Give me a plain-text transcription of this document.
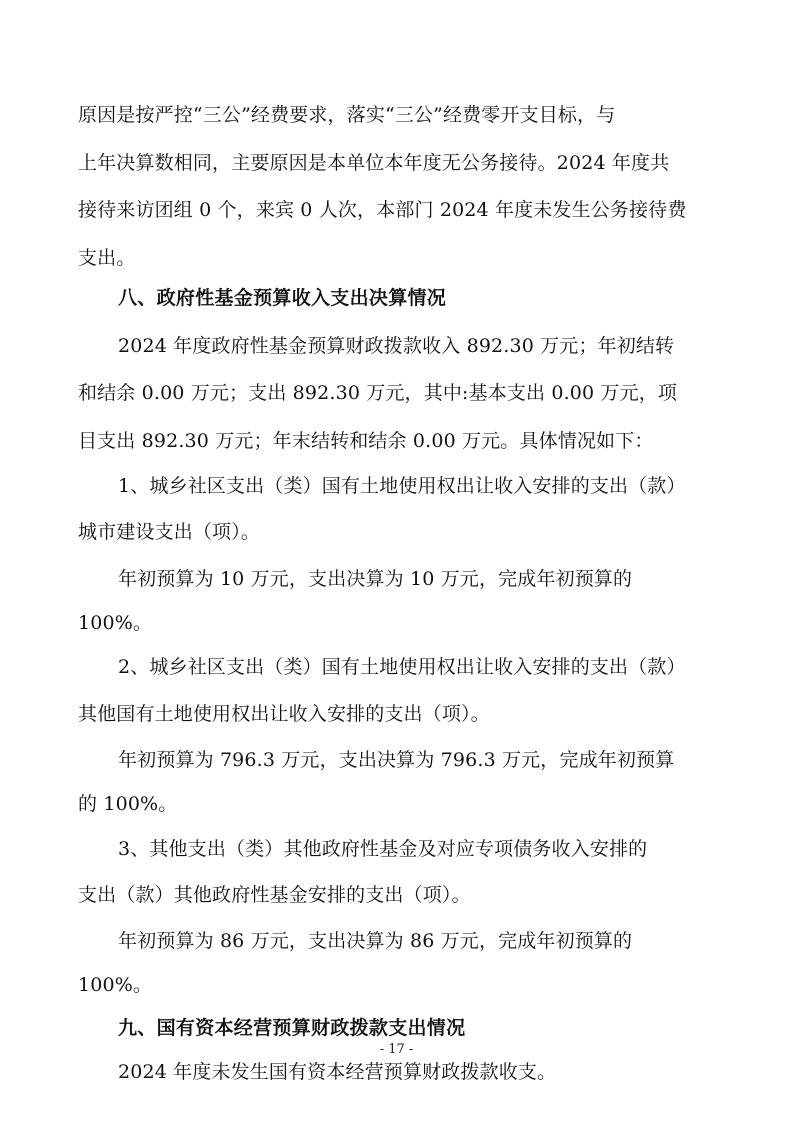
原因是按严控“三公”经费要求，落实“三公”经费零开支目标，与
上年决算数相同，主要原因是本单位本年度无公务接待。2024 年度共
接待来访团组 0 个，来宾 0 人次，本部门 2024 年度未发生公务接待费
支出。
八、政府性基金预算收入支出决算情况
2024 年度政府性基金预算财政拨款收入 892.30 万元；年初结转
和结余 0.00 万元；支出 892.30 万元，其中:基本支出 0.00 万元，项
目支出 892.30 万元；年末结转和结余 0.00 万元。具体情况如下：
1、城乡社区支出（类）国有土地使用权出让收入安排的支出（款）
城市建设支出（项）。
年初预算为 10 万元，支出决算为 10 万元，完成年初预算的
100%。
2、城乡社区支出（类）国有土地使用权出让收入安排的支出（款）
其他国有土地使用权出让收入安排的支出（项）。
年初预算为 796.3 万元，支出决算为 796.3 万元，完成年初预算
的 100%。
3、其他支出（类）其他政府性基金及对应专项债务收入安排的
支出（款）其他政府性基金安排的支出（项）。
年初预算为 86 万元，支出决算为 86 万元，完成年初预算的
100%。
九、国有资本经营预算财政拨款支出情况
2024 年度未发生国有资本经营预算财政拨款收支。
- 17 -
